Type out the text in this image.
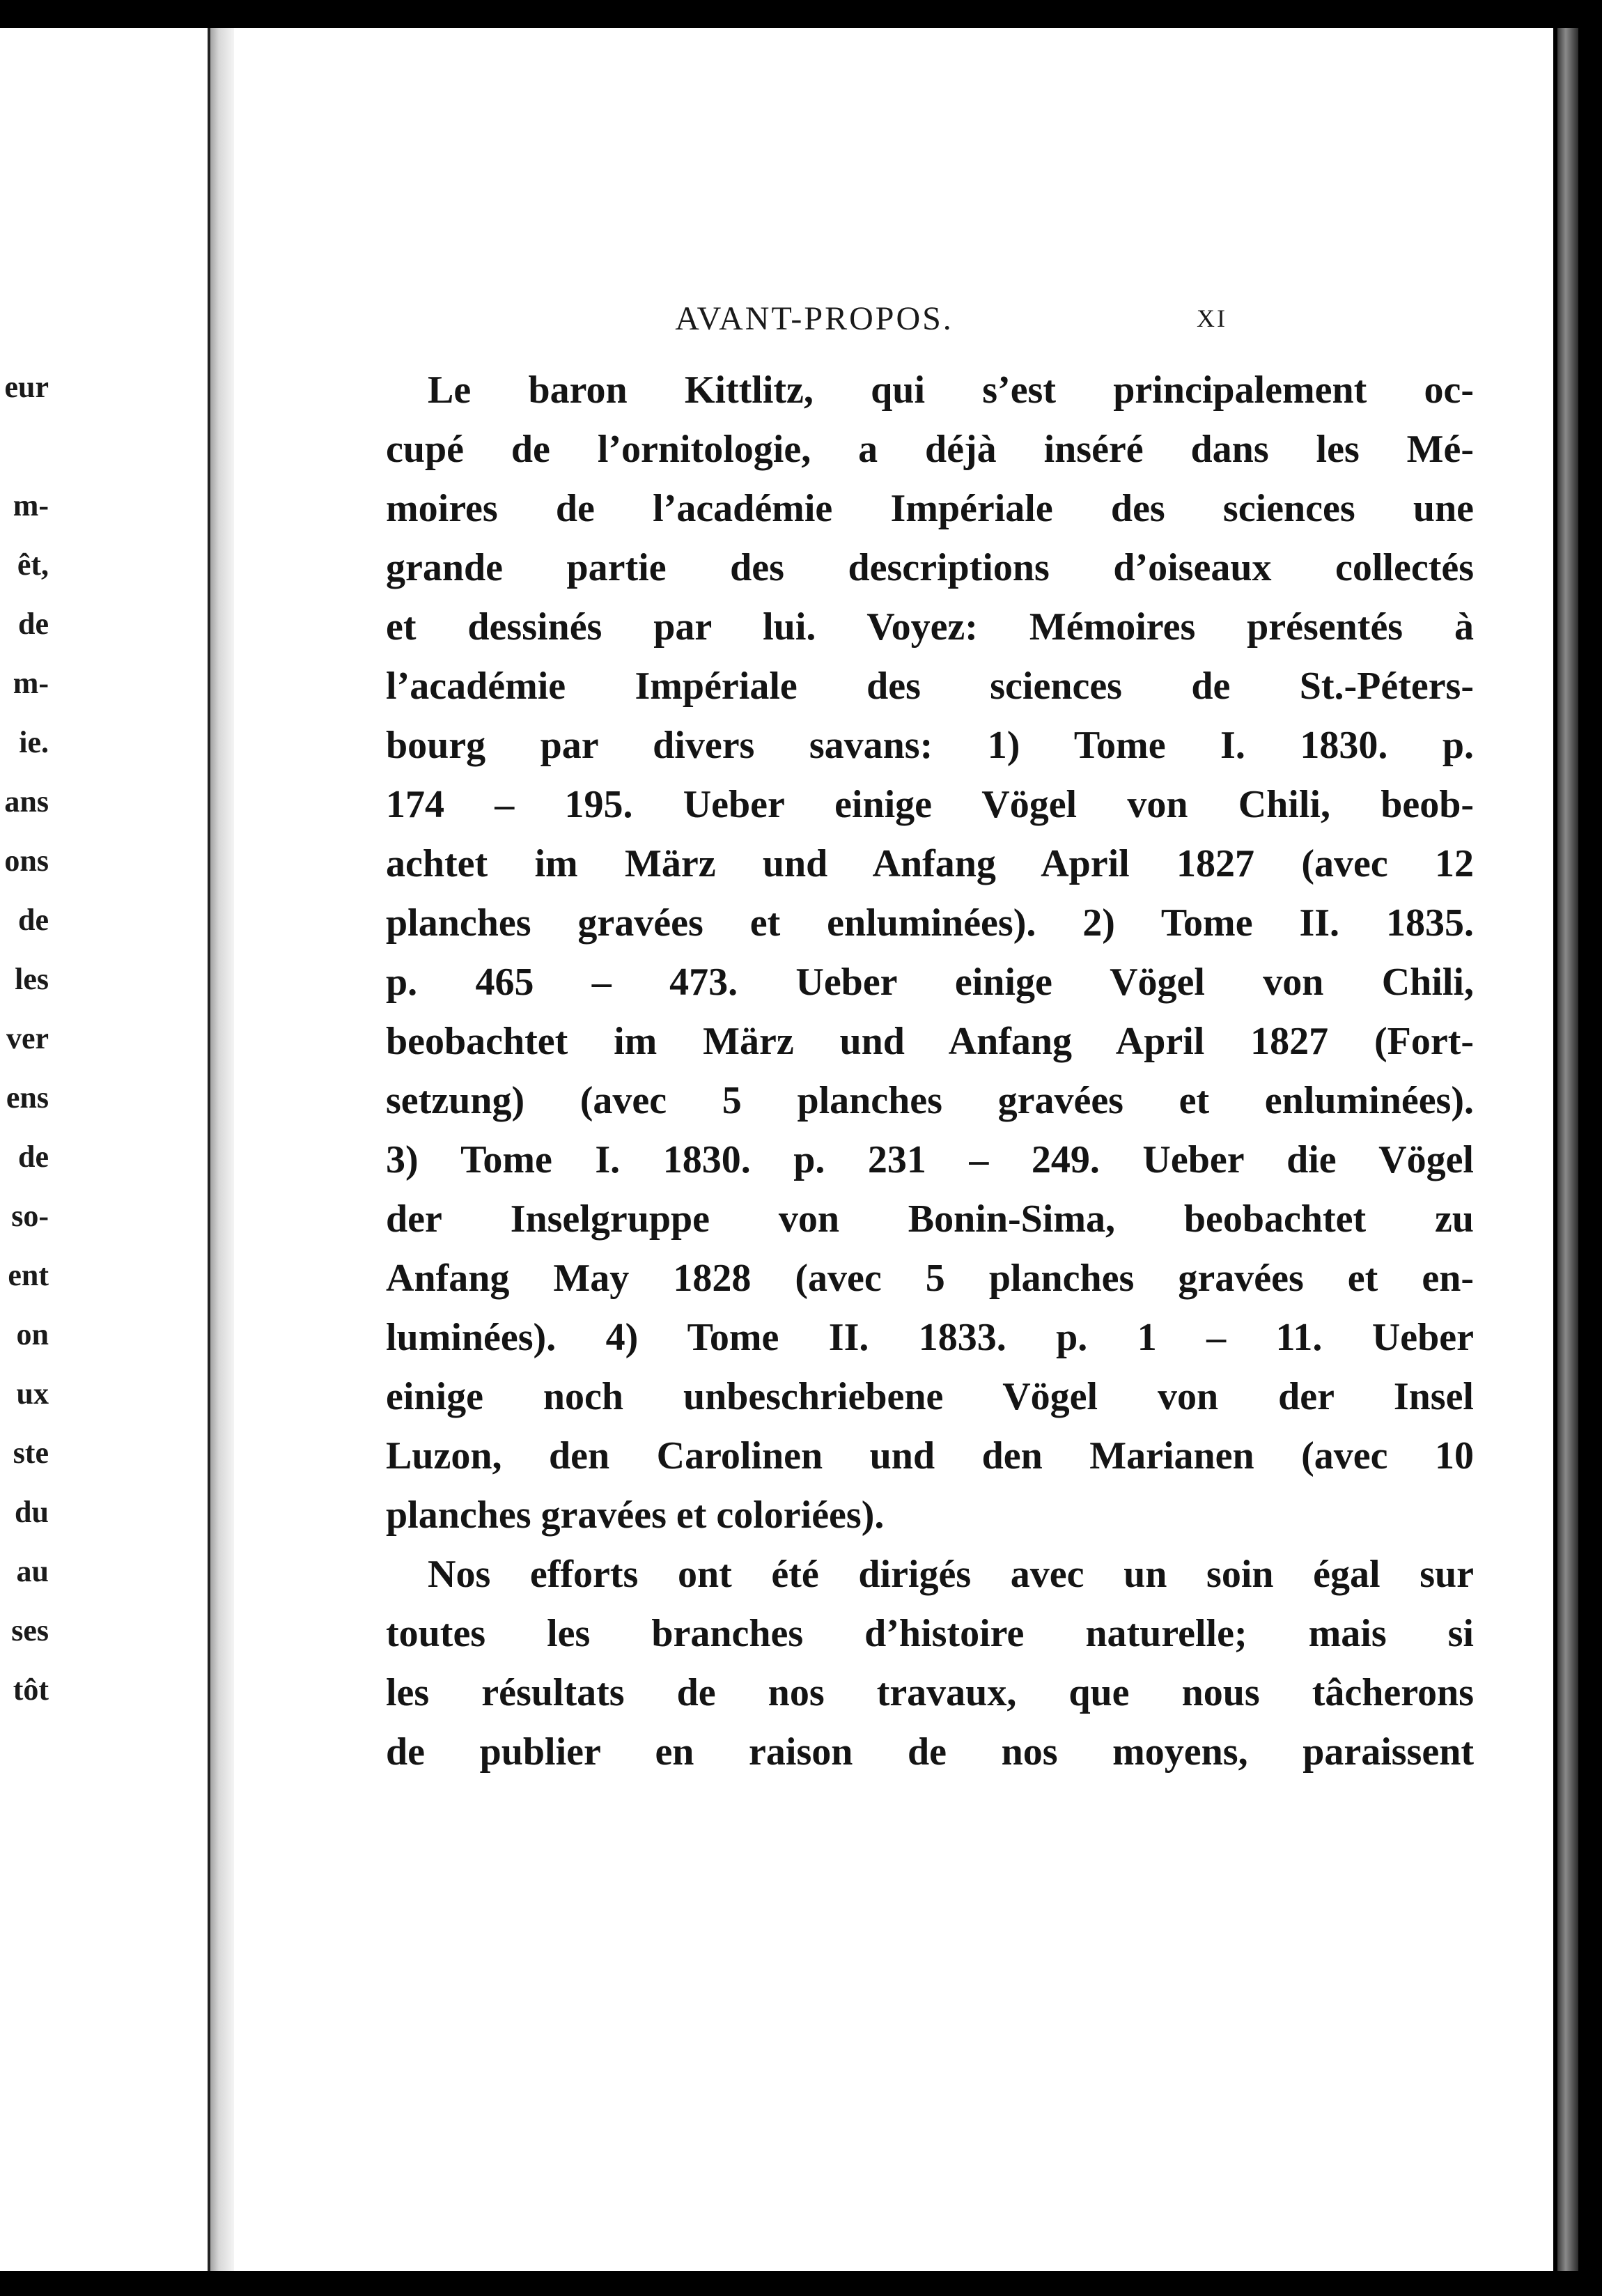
eur
m-
êt,
de
m-
ie.
ans
ons
de
les
ver
ens
de
so-
ent
on
ux
ste
du
au
ses
tôt
AVANT-PROPOS.	XI
Le baron Kittlitz, qui s’est principalement oc-
cupé de l’ornitologie, a déjà inséré dans les Mé-
moires de l’académie Impériale des sciences une
grande partie des descriptions d’oiseaux collectés
et dessinés par lui. Voyez: Mémoires présentés à
l’académie Impériale des sciences de St.-Péters-
bourg par divers savans: 1) Tome I. 1830. p.
174 – 195. Ueber einige Vögel von Chili, beob-
achtet im März und Anfang April 1827 (avec 12
planches gravées et enluminées). 2) Tome II. 1835.
p. 465 – 473. Ueber einige Vögel von Chili,
beobachtet im März und Anfang April 1827 (Fort-
setzung) (avec 5 planches gravées et enluminées).
3) Tome I. 1830. p. 231 – 249. Ueber die Vögel
der Inselgruppe von Bonin-Sima, beobachtet zu
Anfang May 1828 (avec 5 planches gravées et en-
luminées). 4) Tome II. 1833. p. 1 – 11. Ueber
einige noch unbeschriebene Vögel von der Insel
Luzon, den Carolinen und den Marianen (avec 10
planches gravées et coloriées).
Nos efforts ont été dirigés avec un soin égal sur
toutes les branches d’histoire naturelle; mais si
les résultats de nos travaux, que nous tâcherons
de publier en raison de nos moyens, paraissent
